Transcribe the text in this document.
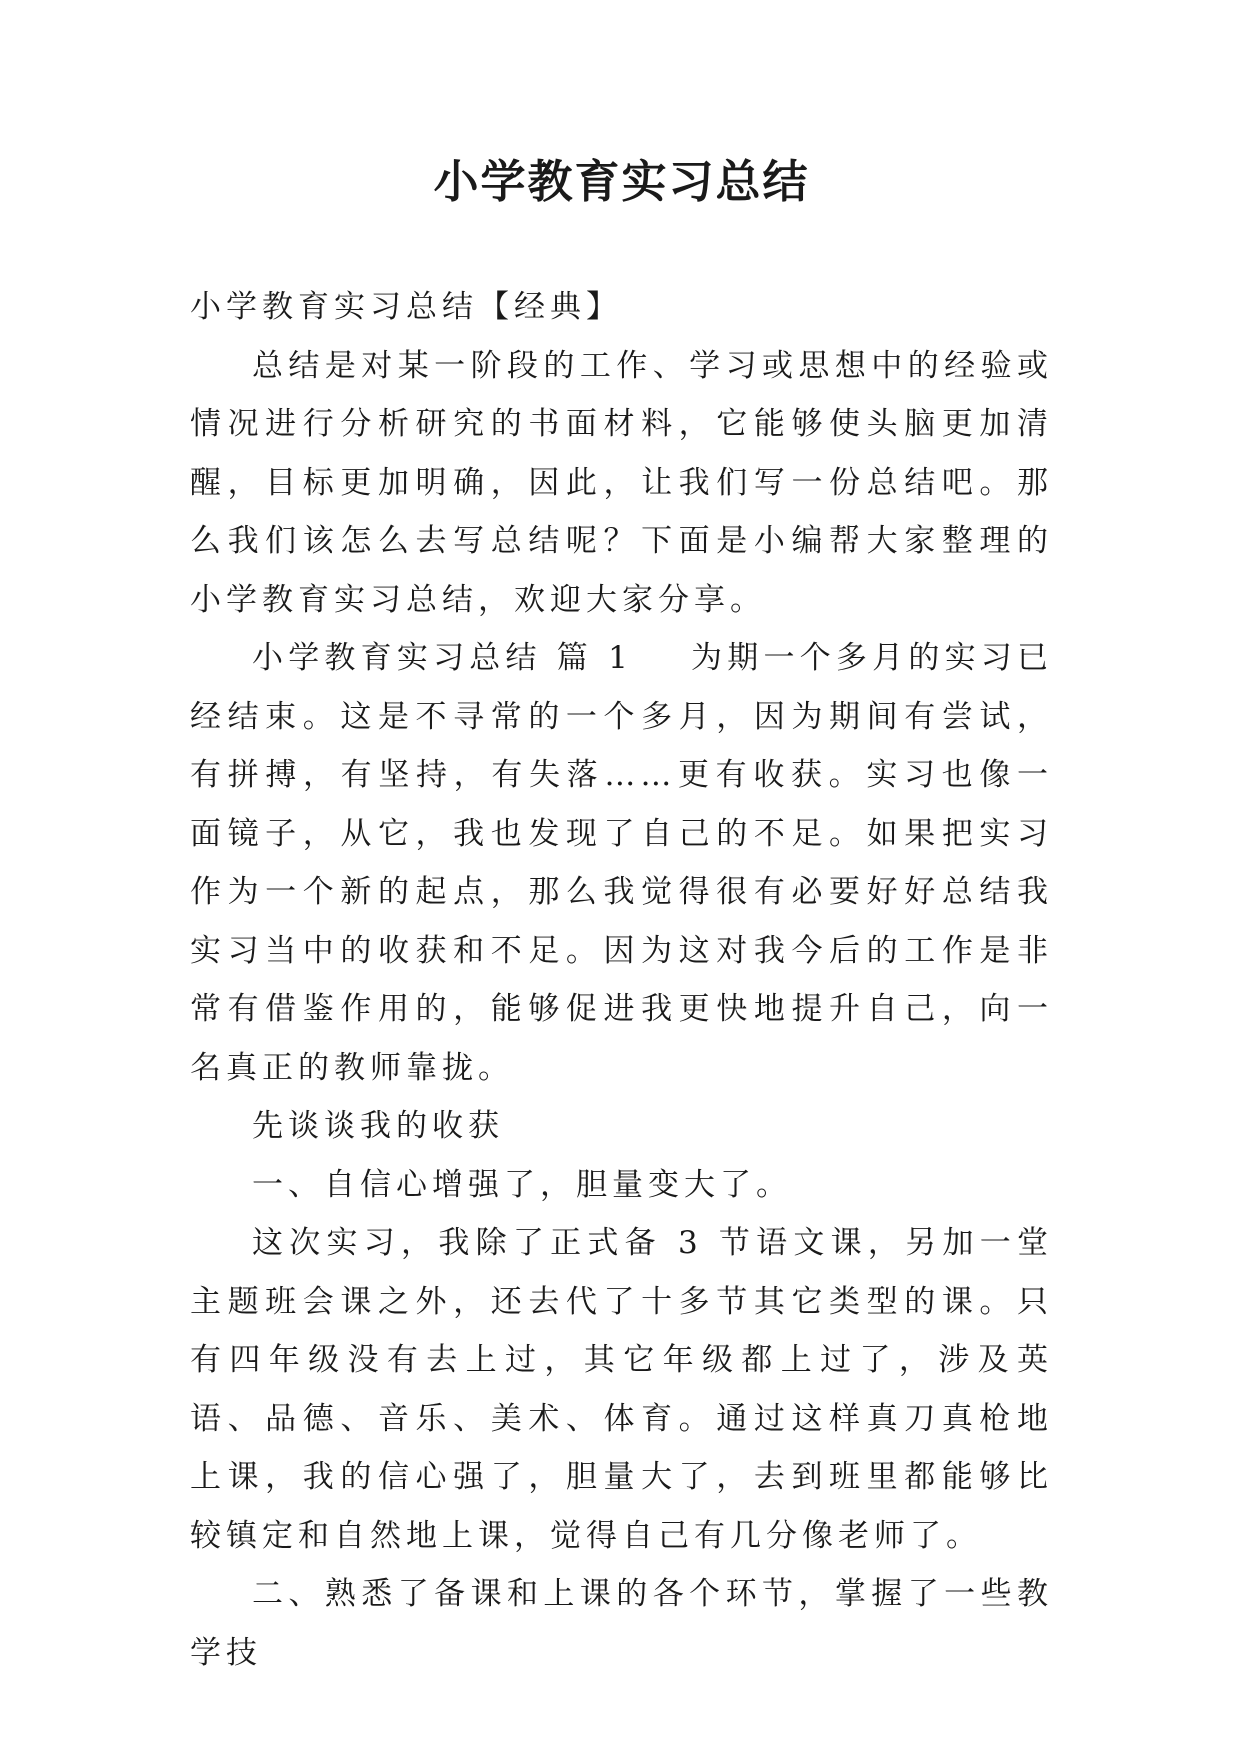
小学教育实习总结

小学教育实习总结【经典】

总结是对某一阶段的工作、学习或思想中的经验或情况进行分析研究的书面材料，它能够使头脑更加清醒，目标更加明确，因此，让我们写一份总结吧。那么我们该怎么去写总结呢？下面是小编帮大家整理的小学教育实习总结，欢迎大家分享。

小学教育实习总结 篇 1 为期一个多月的实习已经结束。这是不寻常的一个多月，因为期间有尝试，有拼搏，有坚持，有失落……更有收获。实习也像一面镜子，从它，我也发现了自己的不足。如果把实习作为一个新的起点，那么我觉得很有必要好好总结我实习当中的收获和不足。因为这对我今后的工作是非常有借鉴作用的，能够促进我更快地提升自己，向一名真正的教师靠拢。

先谈谈我的收获

一、自信心增强了，胆量变大了。

这次实习，我除了正式备 3 节语文课，另加一堂主题班会课之外，还去代了十多节其它类型的课。只有四年级没有去上过，其它年级都上过了，涉及英语、品德、音乐、美术、体育。通过这样真刀真枪地上课，我的信心强了，胆量大了，去到班里都能够比较镇定和自然地上课，觉得自己有几分像老师了。

二、熟悉了备课和上课的各个环节，掌握了一些教学技
